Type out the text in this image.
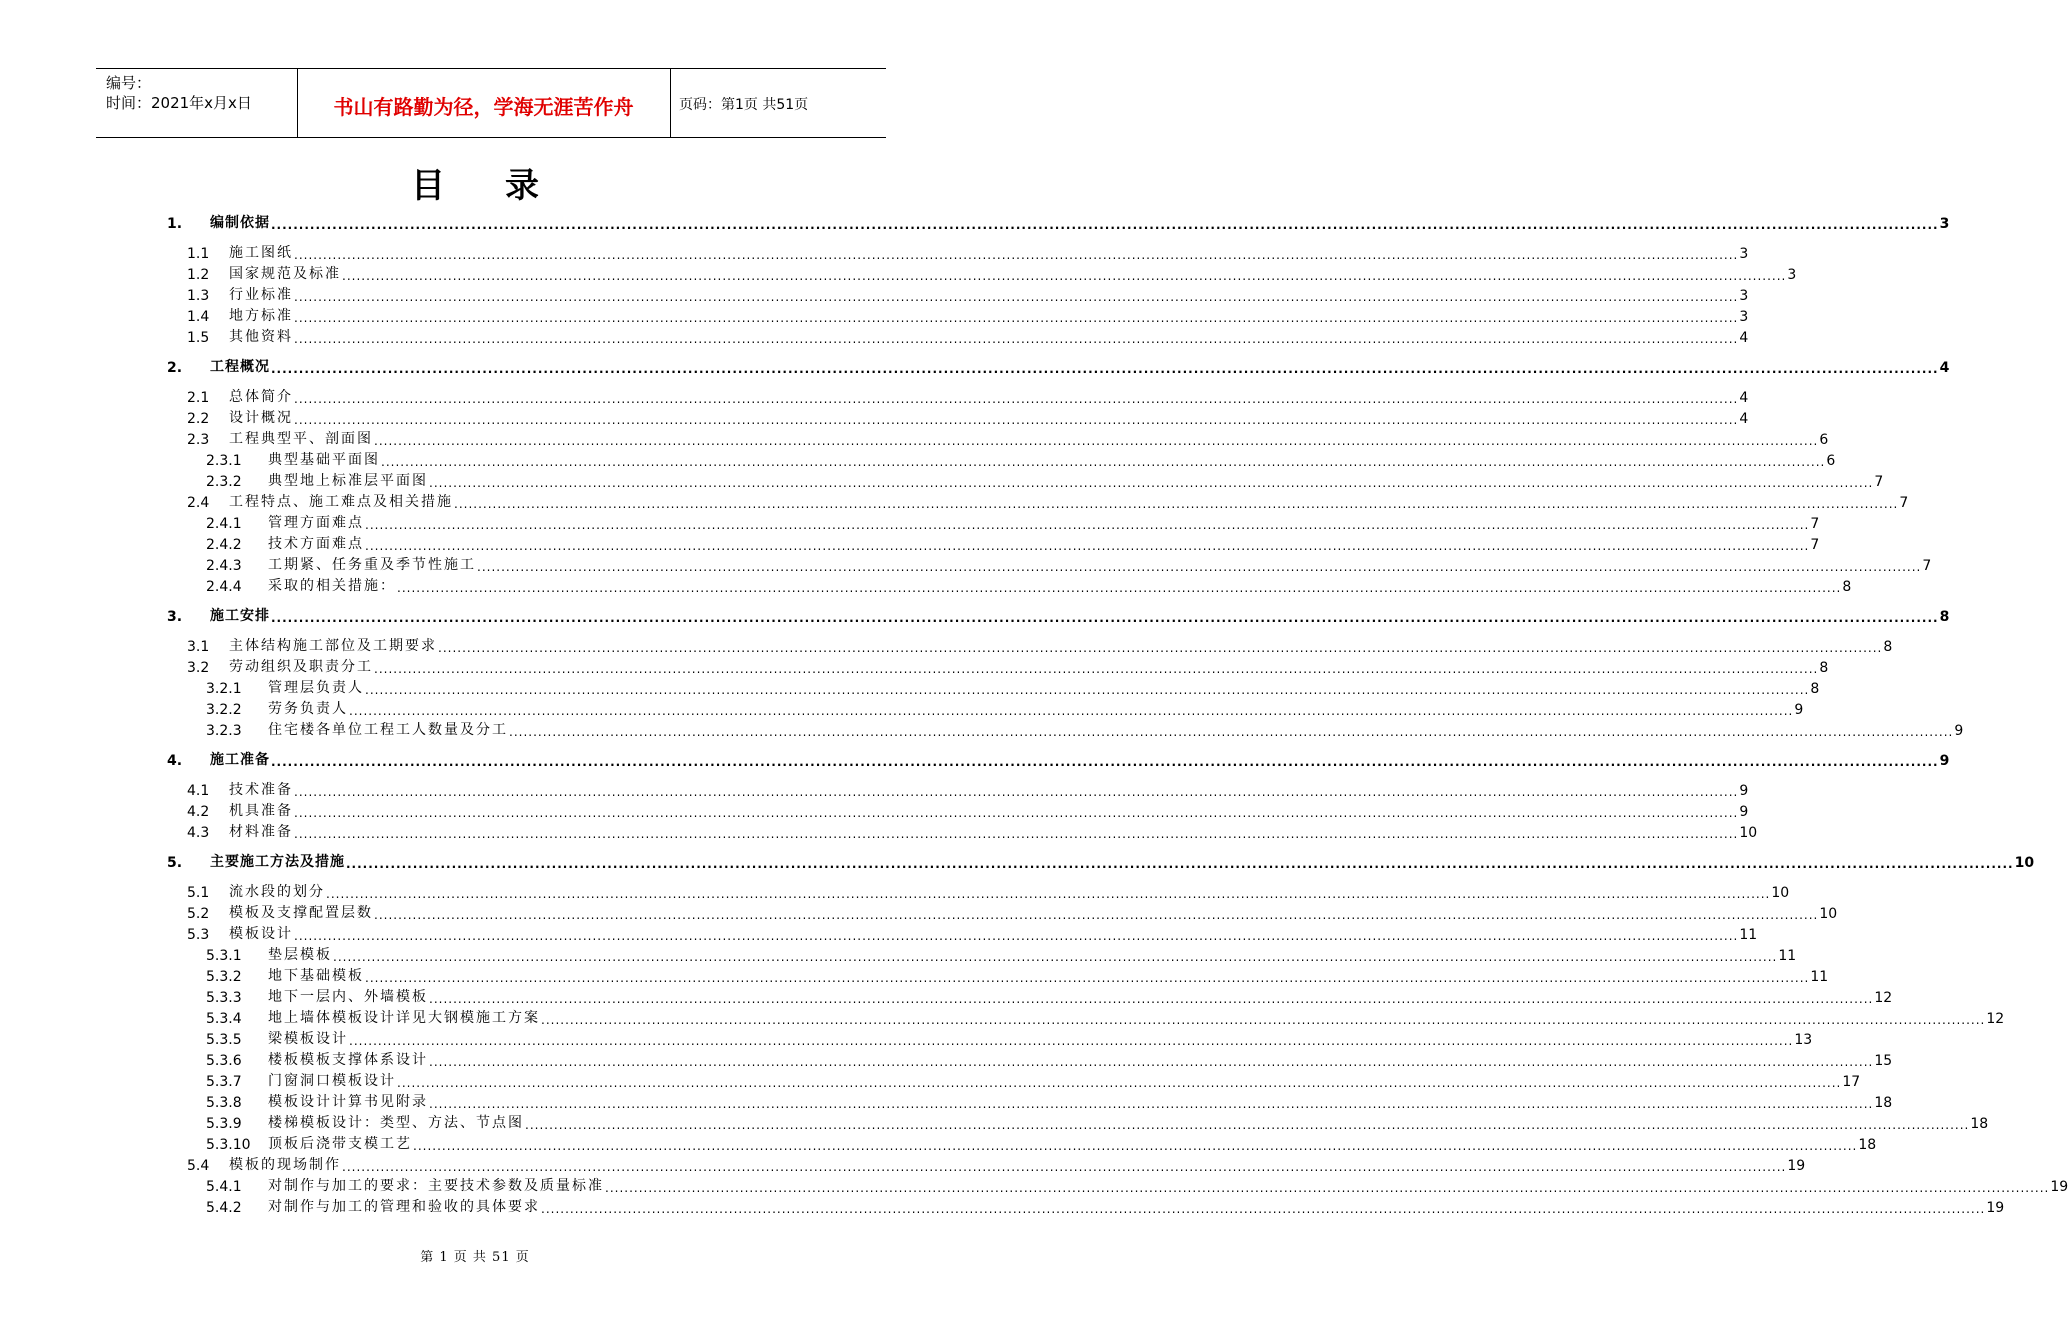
编号：
时间：2021年x月x日	书山有路勤为径，学海无涯苦作舟	页码：第1页 共51页
目录
1. 编制依据 ............................................................................................................................................................................................................................................................................................................ 3
1.1 施工图纸 ............................................................................................................................................................................................................................................................................................................ 3
1.2 国家规范及标准 ............................................................................................................................................................................................................................................................................................................ 3
1.3 行业标准 ............................................................................................................................................................................................................................................................................................................ 3
1.4 地方标准 ............................................................................................................................................................................................................................................................................................................ 3
1.5 其他资料 ............................................................................................................................................................................................................................................................................................................ 4
2. 工程概况 ............................................................................................................................................................................................................................................................................................................ 4
2.1 总体简介 ............................................................................................................................................................................................................................................................................................................ 4
2.2 设计概况 ............................................................................................................................................................................................................................................................................................................ 4
2.3 工程典型平、剖面图 ............................................................................................................................................................................................................................................................................................................ 6
2.3.1 典型基础平面图 ............................................................................................................................................................................................................................................................................................................ 6
2.3.2 典型地上标准层平面图 ............................................................................................................................................................................................................................................................................................................ 7
2.4 工程特点、施工难点及相关措施 ............................................................................................................................................................................................................................................................................................................ 7
2.4.1 管理方面难点 ............................................................................................................................................................................................................................................................................................................ 7
2.4.2 技术方面难点 ............................................................................................................................................................................................................................................................................................................ 7
2.4.3 工期紧、任务重及季节性施工 ............................................................................................................................................................................................................................................................................................................ 7
2.4.4 采取的相关措施： ............................................................................................................................................................................................................................................................................................................ 8
3. 施工安排 ............................................................................................................................................................................................................................................................................................................ 8
3.1 主体结构施工部位及工期要求 ............................................................................................................................................................................................................................................................................................................ 8
3.2 劳动组织及职责分工 ............................................................................................................................................................................................................................................................................................................ 8
3.2.1 管理层负责人 ............................................................................................................................................................................................................................................................................................................ 8
3.2.2 劳务负责人 ............................................................................................................................................................................................................................................................................................................ 9
3.2.3 住宅楼各单位工程工人数量及分工 ............................................................................................................................................................................................................................................................................................................ 9
4. 施工准备 ............................................................................................................................................................................................................................................................................................................ 9
4.1 技术准备 ............................................................................................................................................................................................................................................................................................................ 9
4.2 机具准备 ............................................................................................................................................................................................................................................................................................................ 9
4.3 材料准备 ............................................................................................................................................................................................................................................................................................................ 10
5. 主要施工方法及措施 ............................................................................................................................................................................................................................................................................................................ 10
5.1 流水段的划分 ............................................................................................................................................................................................................................................................................................................ 10
5.2 模板及支撑配置层数 ............................................................................................................................................................................................................................................................................................................ 10
5.3 模板设计 ............................................................................................................................................................................................................................................................................................................ 11
5.3.1 垫层模板 ............................................................................................................................................................................................................................................................................................................ 11
5.3.2 地下基础模板 ............................................................................................................................................................................................................................................................................................................ 11
5.3.3 地下一层内、外墙模板 ............................................................................................................................................................................................................................................................................................................ 12
5.3.4 地上墙体模板设计详见大钢模施工方案 ............................................................................................................................................................................................................................................................................................................ 12
5.3.5 梁模板设计 ............................................................................................................................................................................................................................................................................................................ 13
5.3.6 楼板模板支撑体系设计 ............................................................................................................................................................................................................................................................................................................ 15
5.3.7 门窗洞口模板设计 ............................................................................................................................................................................................................................................................................................................ 17
5.3.8 模板设计计算书见附录 ............................................................................................................................................................................................................................................................................................................ 18
5.3.9 楼梯模板设计：类型、方法、节点图 ............................................................................................................................................................................................................................................................................................................ 18
5.3.10 顶板后浇带支模工艺 ............................................................................................................................................................................................................................................................................................................ 18
5.4 模板的现场制作 ............................................................................................................................................................................................................................................................................................................ 19
5.4.1 对制作与加工的要求：主要技术参数及质量标准 ............................................................................................................................................................................................................................................................................................................ 19
5.4.2 对制作与加工的管理和验收的具体要求 ............................................................................................................................................................................................................................................................................................................ 19
第 1 页 共 51 页
